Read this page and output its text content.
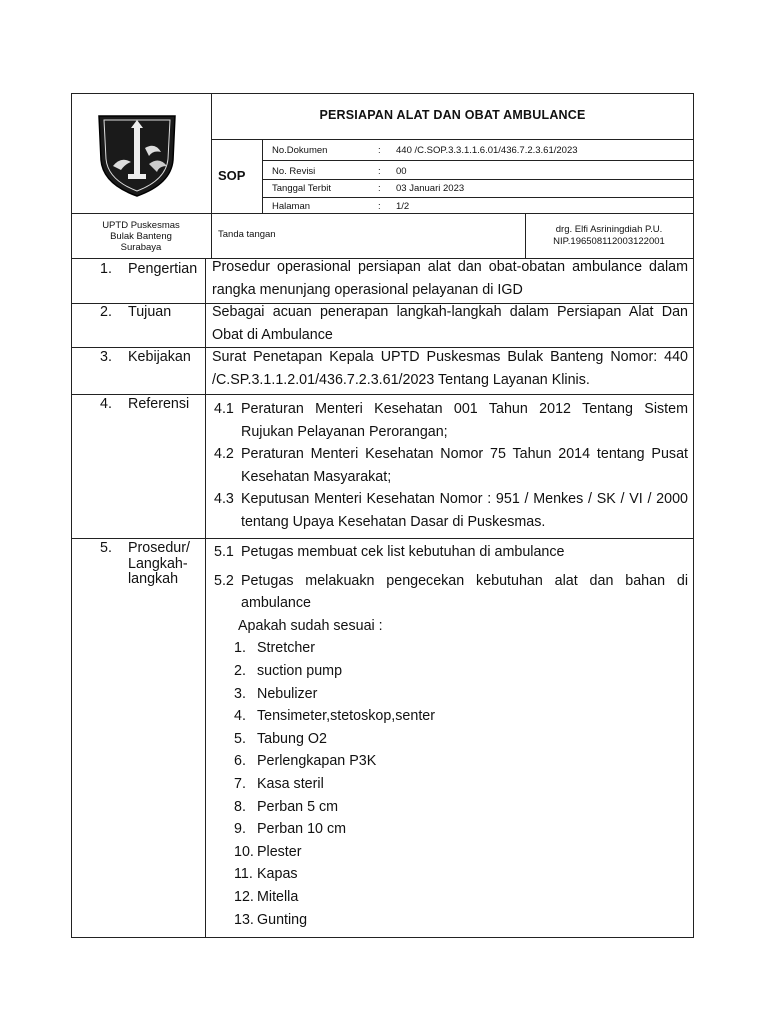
PERSIAPAN ALAT DAN OBAT AMBULANCE
SOP
No.Dokumen	: 440 /C.SOP.3.3.1.1.6.01/436.7.2.3.61/2023
No. Revisi	: 00
Tanggal Terbit	: 03 Januari 2023
Halaman	: 1/2
UPTD Puskesmas
Bulak Banteng
Surabaya
Tanda tangan	drg. Elfi Asriningdiah P.U.
NIP.196508112003122001
1.	Pengertian Prosedur operasional persiapan alat dan obat-obatan ambulance dalam rangka menunjang operasional pelayanan di IGD
2.	Tujuan	Sebagai acuan penerapan langkah-langkah dalam Persiapan Alat Dan Obat di Ambulance
3.	Kebijakan Surat Penetapan Kepala UPTD Puskesmas Bulak Banteng Nomor: 440 /C.SP.3.1.1.2.01/436.7.2.3.61/2023 Tentang Layanan Klinis.
4.	Referensi 4.1 Peraturan Menteri Kesehatan 001 Tahun 2012 Tentang Sistem Rujukan Pelayanan Perorangan;
4.2 Peraturan Menteri Kesehatan Nomor 75 Tahun 2014 tentang Pusat Kesehatan Masyarakat;
4.3 Keputusan Menteri Kesehatan Nomor : 951 / Menkes / SK / VI / 2000 tentang Upaya Kesehatan Dasar di Puskesmas.
5.	Prosedur/
Langkah-
langkah
5.1 Petugas membuat cek list kebutuhan di ambulance
5.2 Petugas melakuakn pengecekan kebutuhan alat dan bahan di ambulance
Apakah sudah sesuai :
1. Stretcher
2. suction pump
3. Nebulizer
4. Tensimeter,stetoskop,senter
5. Tabung O2
6. Perlengkapan P3K
7. Kasa steril
8. Perban 5 cm
9. Perban 10 cm
10. Plester
11. Kapas
12. Mitella
13. Gunting
